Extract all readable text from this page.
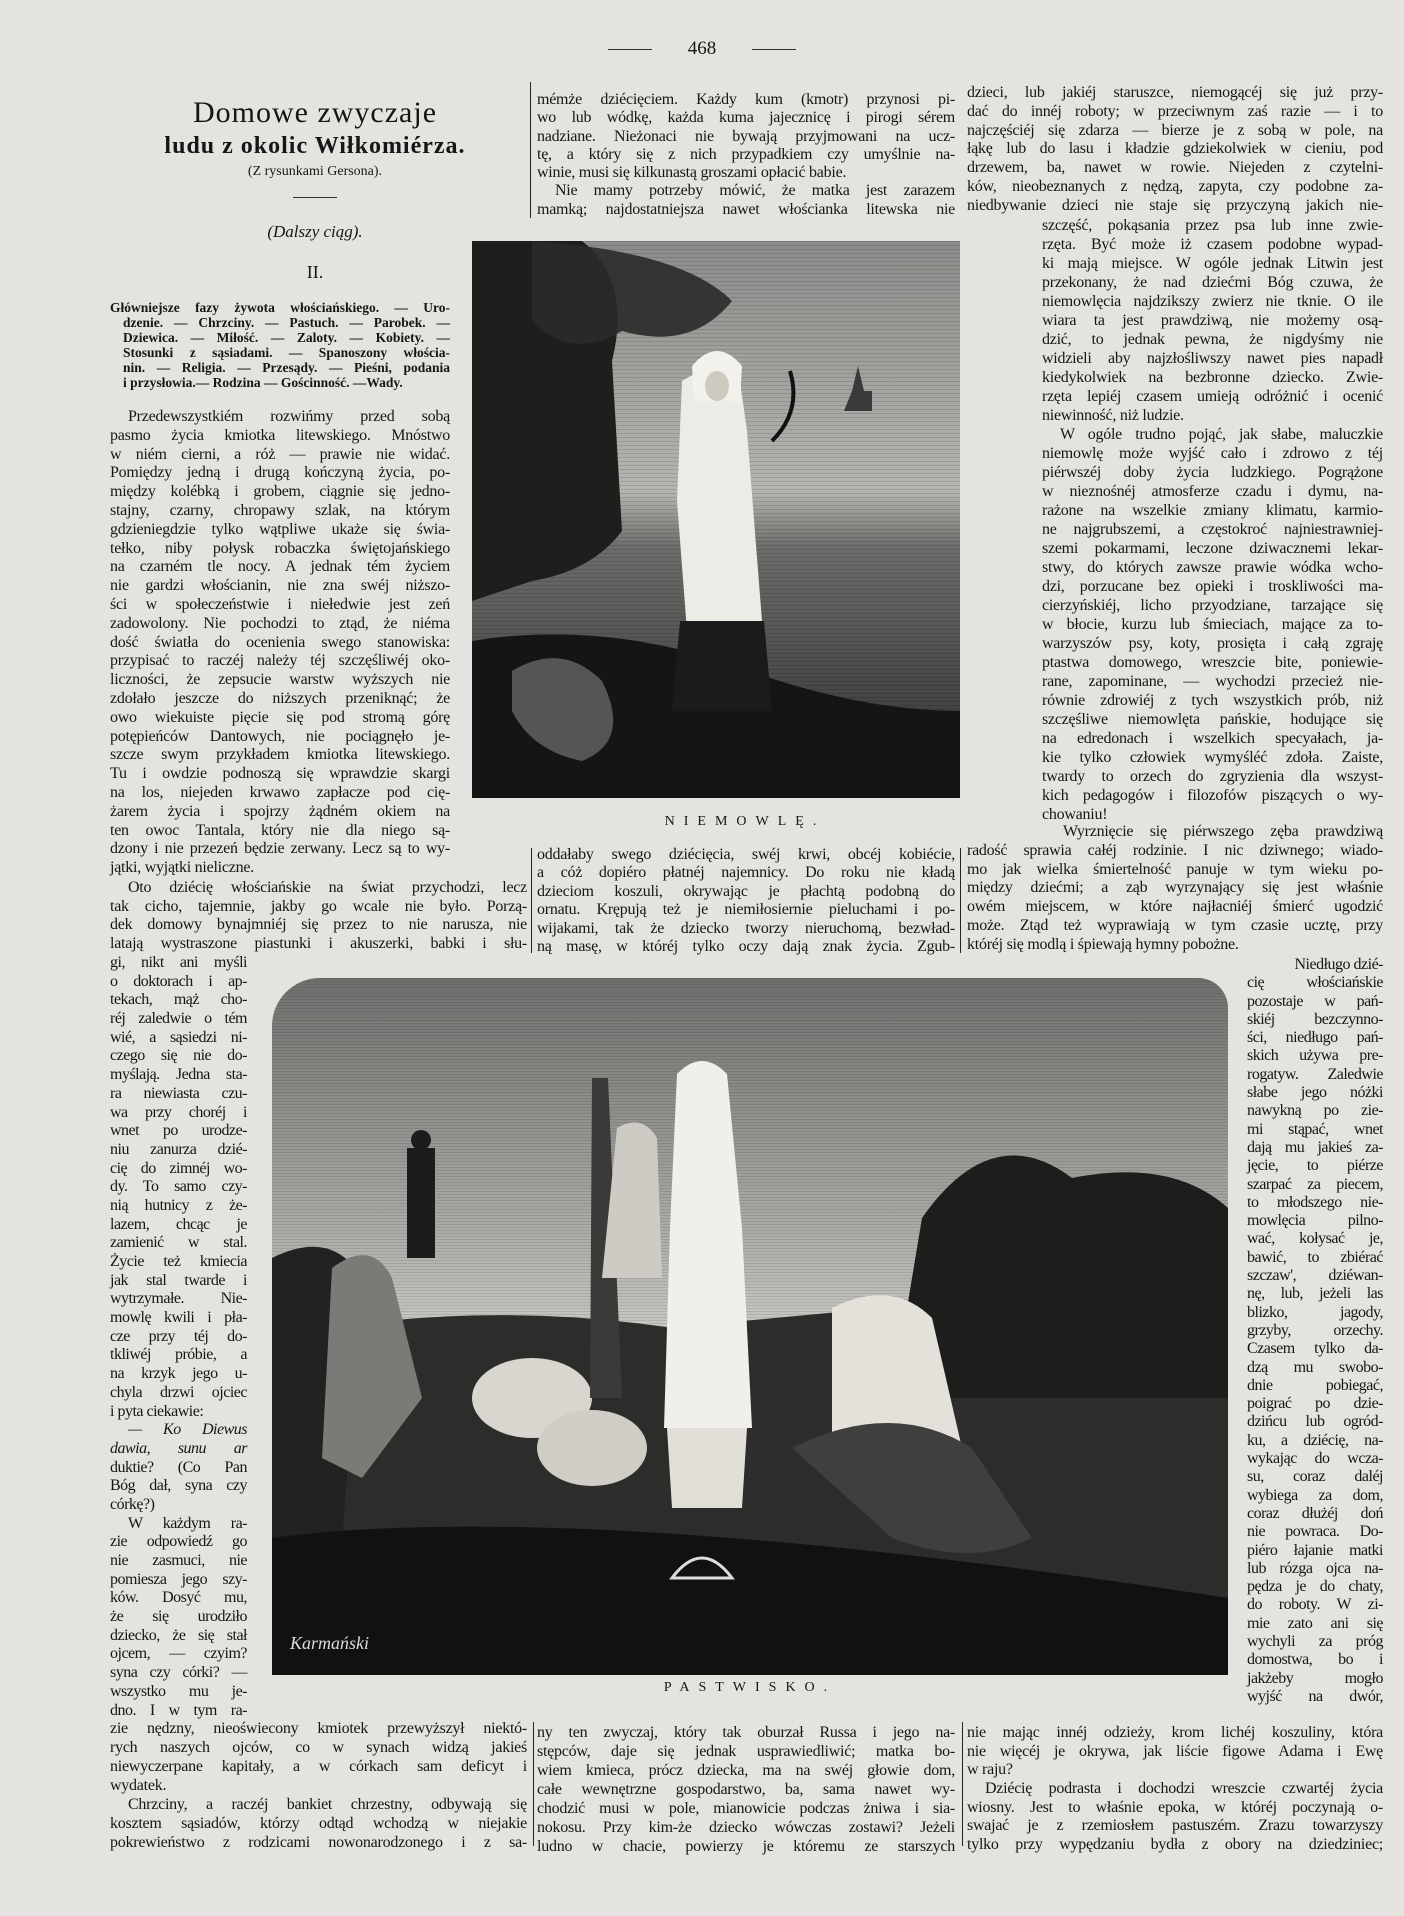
468
Domowe zwyczaje
ludu z okolic Wiłkomiérza.
(Z rysunkami Gersona).
(Dalszy ciąg).
II.
Główniejsze fazy żywota włościańskiego. — Uro-
dzenie. — Chrzciny. — Pastuch. — Parobek. —
Dziewica. — Miłość. — Zaloty. — Kobiety. —
Stosunki z sąsiadami. — Spanoszony włościa-
nin. — Religia. — Przesądy. — Pieśni, podania
i przysłowia.— Rodzina — Gościnność. —Wady.
Przedewszystkiém rozwińmy przed sobą
pasmo życia kmiotka litewskiego. Mnóstwo
w niém cierni, a róż — prawie nie widać.
Pomiędzy jedną i drugą kończyną życia, po-
między kolébką i grobem, ciągnie się jedno-
stajny, czarny, chropawy szlak, na którym
gdzieniegdzie tylko wątpliwe ukaże się świa-
tełko, niby połysk robaczka świętojańskiego
na czarném tle nocy. A jednak tém życiem
nie gardzi włościanin, nie zna swéj niższo-
ści w społeczeństwie i niełedwie jest zeń
zadowolony. Nie pochodzi to ztąd, że niéma
dość światła do ocenienia swego stanowiska:
przypisać to raczéj należy téj szczęśliwéj oko-
liczności, że zepsucie warstw wyższych nie
zdołało jeszcze do niższych przeniknąć; że
owo wiekuiste pięcie się pod stromą górę
potępieńców Dantowych, nie pociągnęło je-
szcze swym przykładem kmiotka litewskiego.
Tu i owdzie podnoszą się wprawdzie skargi
na los, niejeden krwawo zapłacze pod cię-
żarem życia i spojrzy żądném okiem na
ten owoc Tantala, który nie dla niego są-
dzony i nie przezeń będzie zerwany. Lecz są to wy-
jątki, wyjątki nieliczne.
Oto dziécię włościańskie na świat przychodzi, lecz
tak cicho, tajemnie, jakby go wcale nie było. Porzą-
dek domowy bynajmniéj się przez to nie narusza, nie
latają wystraszone piastunki i akuszerki, babki i słu-
gi, nikt ani myśli
o doktorach i ap-
tekach, mąż cho-
réj zaledwie o tém
wié, a sąsiedzi ni-
czego się nie do-
myślają. Jedna sta-
ra niewiasta czu-
wa przy choréj i
wnet po urodze-
niu zanurza dzié-
cię do zimnéj wo-
dy. To samo czy-
nią hutnicy z że-
lazem, chcąc je
zamienić w stal.
Życie też kmiecia
jak stal twarde i
wytrzymałe. Nie-
mowlę kwili i pła-
cze przy téj do-
tkliwéj próbie, a
na krzyk jego u-
chyla drzwi ojciec
i pyta ciekawie:
— Ko Diewus
dawia, sunu ar
duktie? (Co Pan
Bóg dał, syna czy
córkę?)
W każdym ra-
zie odpowiedź go
nie zasmuci, nie
pomiesza jego szy-
ków. Dosyć mu,
że się urodziło
dziecko, że się stał
ojcem, — czyim?
syna czy córki? —
wszystko mu je-
dno. I w tym ra-
zie nędzny, nieoświecony kmiotek przewyższył niektó-
rych naszych ojców, co w synach widzą jakieś
niewyczerpane kapitały, a w córkach sam deficyt i
wydatek.
Chrzciny, a raczéj bankiet chrzestny, odbywają się
kosztem sąsiadów, którzy odtąd wchodzą w niejakie
pokrewieństwo z rodzicami nowonarodzonego i z sa-
mémże dziécięciem. Każdy kum (kmotr) przynosi pi-
wo lub wódkę, każda kuma jajecznicę i pirogi sérem
nadziane. Nieżonaci nie bywają przyjmowani na ucz-
tę, a który się z nich przypadkiem czy umyślnie na-
winie, musi się kilkunastą groszami opłacić babie.
Nie mamy potrzeby mówić, że matka jest zarazem
mamką; najdostatniejsza nawet włościanka litewska nie
oddałaby swego dziécięcia, swéj krwi, obcéj kobiécie,
a cóż dopiéro płatnéj najemnicy. Do roku nie kładą
dzieciom koszuli, okrywając je płachtą podobną do
ornatu. Krępują też je niemiłosiernie pieluchami i po-
wijakami, tak że dziecko tworzy nieruchomą, bezwład-
ną masę, w któréj tylko oczy dają znak życia. Zgub-
ny ten zwyczaj, który tak oburzał Russa i jego na-
stępców, daje się jednak usprawiedliwić; matka bo-
wiem kmieca, prócz dziecka, ma na swéj głowie dom,
całe wewnętrzne gospodarstwo, ba, sama nawet wy-
chodzić musi w pole, mianowicie podczas żniwa i sia-
nokosu. Przy kim-że dziecko wówczas zostawi? Jeżeli
ludno w chacie, powierzy je któremu ze starszych
dzieci, lub jakiéj staruszce, niemogącéj się już przy-
dać do innéj roboty; w przeciwnym zaś razie — i to
najczęściéj się zdarza — bierze je z sobą w pole, na
łąkę lub do lasu i kładzie gdziekolwiek w cieniu, pod
drzewem, ba, nawet w rowie. Niejeden z czytelni-
ków, nieobeznanych z nędzą, zapyta, czy podobne za-
niedbywanie dzieci nie staje się przyczyną jakich nie-
szczęść, pokąsania przez psa lub inne zwie-
rzęta. Być może iż czasem podobne wypad-
ki mają miejsce. W ogóle jednak Litwin jest
przekonany, że nad dziećmi Bóg czuwa, że
niemowlęcia najdzikszy zwierz nie tknie. O ile
wiara ta jest prawdziwą, nie możemy osą-
dzić, to jednak pewna, że nigdyśmy nie
widzieli aby najzłośliwszy nawet pies napadł
kiedykolwiek na bezbronne dziecko. Zwie-
rzęta lepiéj czasem umieją odróżnić i ocenić
niewinność, niż ludzie.
W ogóle trudno pojąć, jak słabe, maluczkie
niemowlę może wyjść cało i zdrowo z téj
piérwszéj doby życia ludzkiego. Pogrążone
w nieznośnéj atmosferze czadu i dymu, na-
rażone na wszelkie zmiany klimatu, karmio-
ne najgrubszemi, a częstokroć najniestrawniej-
szemi pokarmami, leczone dziwacznemi lekar-
stwy, do których zawsze prawie wódka wcho-
dzi, porzucane bez opieki i troskliwości ma-
cierzyńskiéj, licho przyodziane, tarzające się
w błocie, kurzu lub śmieciach, mające za to-
warzyszów psy, koty, prosięta i całą zgraję
ptastwa domowego, wreszcie bite, poniewie-
rane, zapominane, — wychodzi przecież nie-
równie zdrowiéj z tych wszystkich prób, niż
szczęśliwe niemowlęta pańskie, hodujące się
na edredonach i wszelkich specyałach, ja-
kie tylko człowiek wymyśléć zdoła. Zaiste,
twardy to orzech do zgryzienia dla wszyst-
kich pedagogów i filozofów piszących o wy-
chowaniu!
Wyrznięcie się piérwszego zęba prawdziwą
radość sprawia całéj rodzinie. I nic dziwnego; wiado-
mo jak wielka śmiertelność panuje w tym wieku po-
między dziećmi; a ząb wyrzynający się jest właśnie
owém miejscem, w które najłacniéj śmierć ugodzić
może. Ztąd też wyprawiają w tym czasie ucztę, przy
któréj się modlą i śpiewają hymny pobożne.
Niedługo dzié-
cię włościańskie
pozostaje w pań-
skiéj bezczynno-
ści, niedługo pań-
skich używa pre-
rogatyw. Zaledwie
słabe jego nóżki
nawykną po zie-
mi stąpać, wnet
dają mu jakieś za-
jęcie, to piérze
szarpać za piecem,
to młodszego nie-
mowlęcia pilno-
wać, kołysać je,
bawić, to zbiérać
szczaw', dziéwan-
nę, lub, jeżeli las
blizko, jagody,
grzyby, orzechy.
Czasem tylko da-
dzą mu swobo-
dnie pobiegać,
poigrać po dzie-
dzińcu lub ogród-
ku, a dziécię, na-
wykając do wcza-
su, coraz daléj
wybiega za dom,
coraz dłużéj doń
nie powraca. Do-
piéro łajanie matki
lub rózga ojca na-
pędza je do chaty,
do roboty. W zi-
mie zato ani się
wychyli za próg
domostwa, bo i
jakżeby mogło
wyjść na dwór,
nie mając innéj odzieży, krom lichéj koszuliny, która
nie więcéj je okrywa, jak liście figowe Adama i Ewę
w raju?
Dziécię podrasta i dochodzi wreszcie czwartéj życia
wiosny. Jest to właśnie epoka, w któréj poczynają o-
swajać je z rzemiosłem pastuszém. Zrazu towarzyszy
tylko przy wypędzaniu bydła z obory na dziedziniec;
NIEMOWLĘ.
Karmański
PASTWISKO.
